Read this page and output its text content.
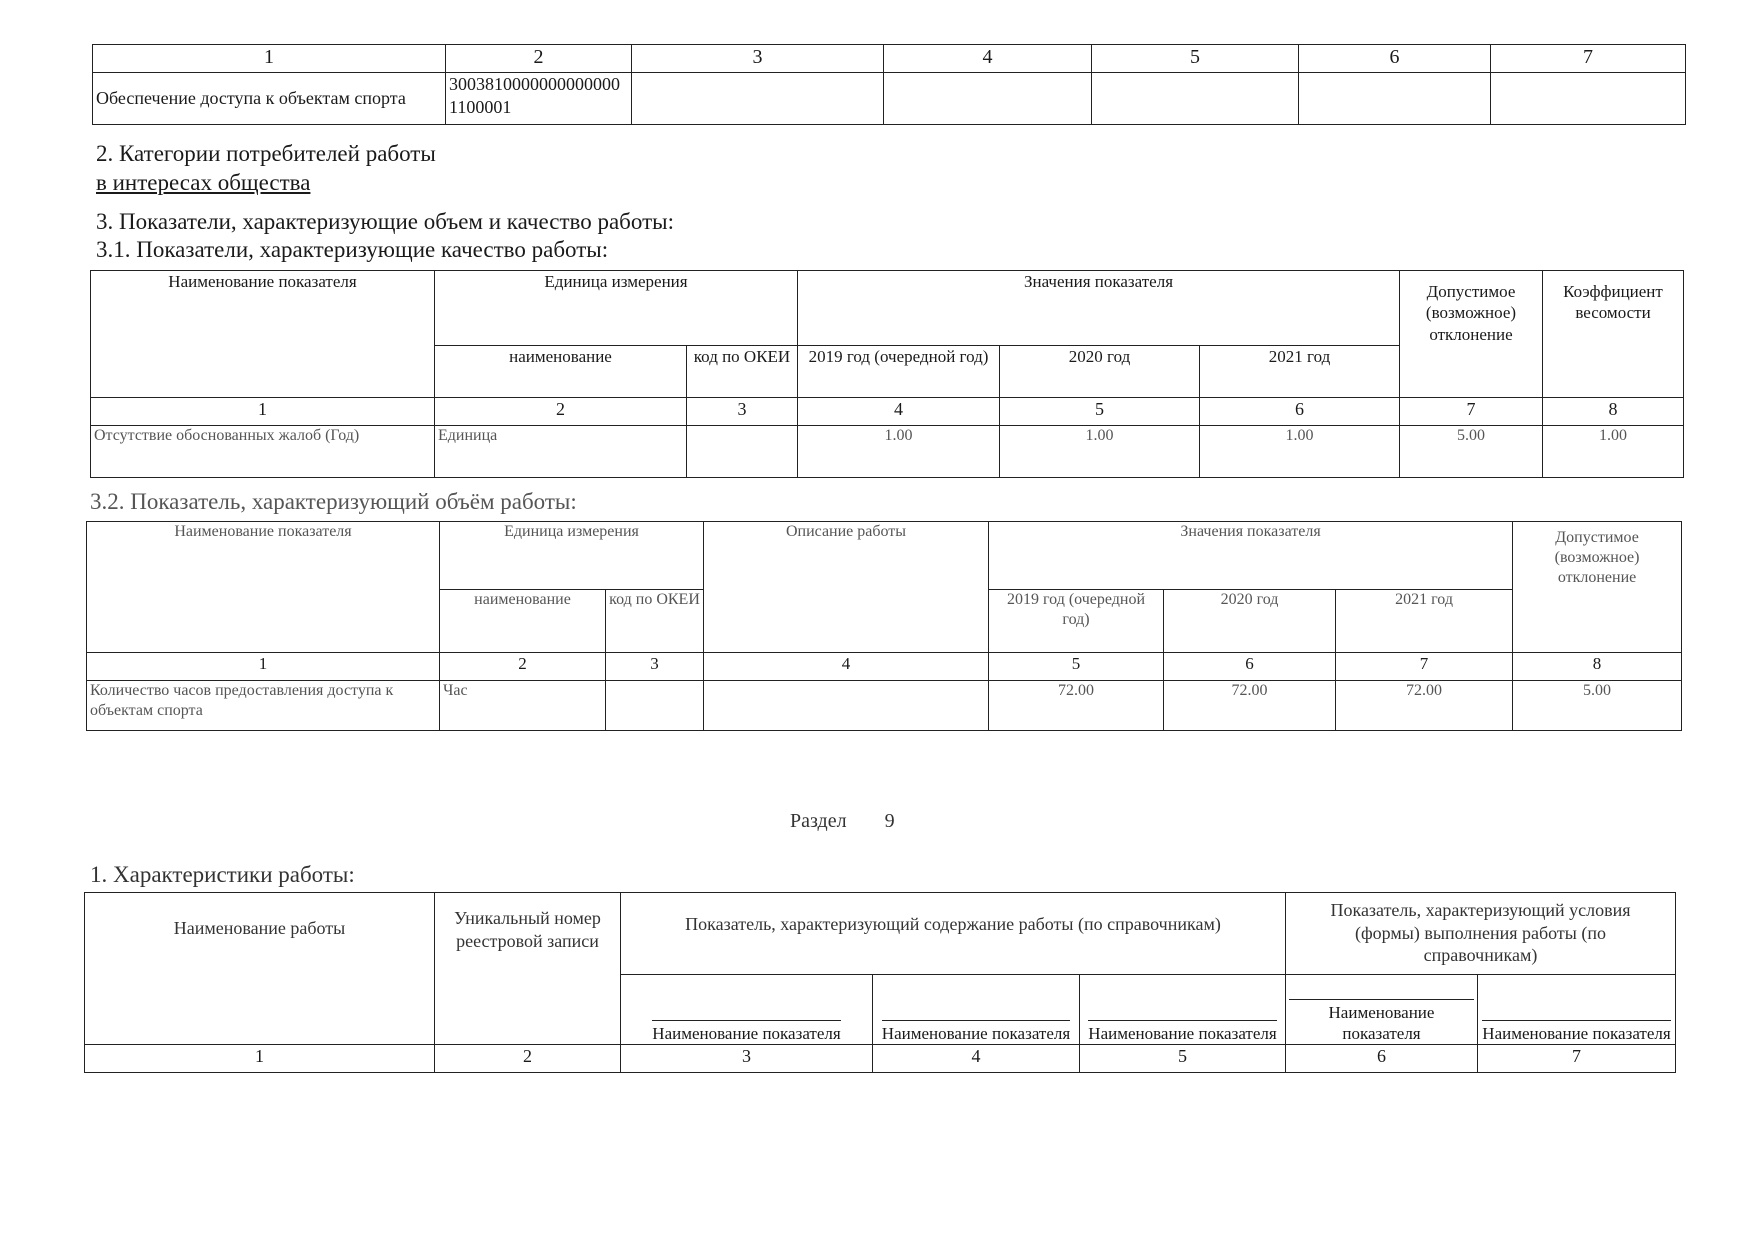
1	2	3	4	5	6	7
Обеспечение доступа к объектам спорта	30038100000000000001100001					
2. Категории потребителей работы
в интересах общества
3. Показатели, характеризующие объем и качество работы:
3.1. Показатели, характеризующие качество работы:
Наименование показателя	Единица измерения		Значения показателя			Допустимое (возможное) отклонение	Коэффициент весомости
	наименование	код по ОКЕИ	2019 год (очередной год)	2020 год	2021 год		
1	2	3	4	5	6	7	8
Отсутствие обоснованных жалоб (Год)	Единица		1.00	1.00	1.00	5.00	1.00
3.2. Показатель, характеризующий объём работы:
Наименование показателя	Единица измерения		Описание работы	Значения показателя			Допустимое (возможное) отклонение
	наименование	код по ОКЕИ		2019 год (очередной год)	2020 год	2021 год	
1	2	3	4	5	6	7	8
Количество часов предоставления доступа к объектам спорта	Час			72.00	72.00	72.00	5.00
Раздел 9
1. Характеристики работы:
Наименование работы	Уникальный номер реестровой записи	Показатель, характеризующий содержание работы (по справочникам)			Показатель, характеризующий условия (формы) выполнения работы (по справочникам)	
		Наименование показателя	Наименование показателя	Наименование показателя	Наименование показателя	Наименование показателя
1	2	3	4	5	6	7
